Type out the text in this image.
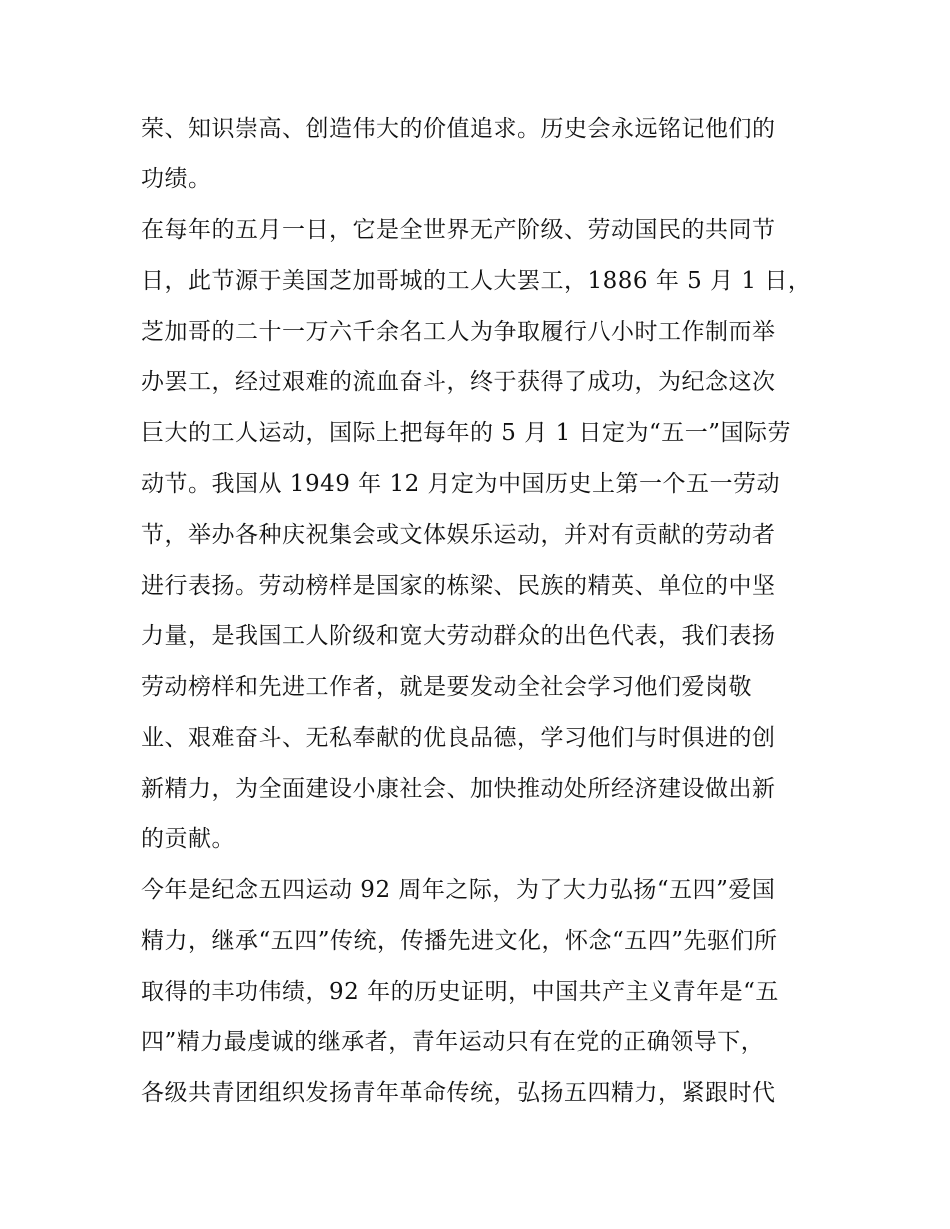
荣、知识崇高、创造伟大的价值追求。历史会永远铭记他们的
功绩。
在每年的五月一日，它是全世界无产阶级、劳动国民的共同节
日，此节源于美国芝加哥城的工人大罢工，1886 年 5 月 1 日，
芝加哥的二十一万六千余名工人为争取履行八小时工作制而举
办罢工，经过艰难的流血奋斗，终于获得了成功，为纪念这次
巨大的工人运动，国际上把每年的 5 月 1 日定为“五一”国际劳
动节。我国从 1949 年 12 月定为中国历史上第一个五一劳动
节，举办各种庆祝集会或文体娱乐运动，并对有贡献的劳动者
进行表扬。劳动榜样是国家的栋梁、民族的精英、单位的中坚
力量，是我国工人阶级和宽大劳动群众的出色代表，我们表扬
劳动榜样和先进工作者，就是要发动全社会学习他们爱岗敬
业、艰难奋斗、无私奉献的优良品德，学习他们与时俱进的创
新精力，为全面建设小康社会、加快推动处所经济建设做出新
的贡献。
今年是纪念五四运动 92 周年之际，为了大力弘扬“五四”爱国
精力，继承“五四”传统，传播先进文化，怀念“五四”先驱们所
取得的丰功伟绩，92 年的历史证明，中国共产主义青年是“五
四”精力最虔诚的继承者，青年运动只有在党的正确领导下，
各级共青团组织发扬青年革命传统，弘扬五四精力，紧跟时代
